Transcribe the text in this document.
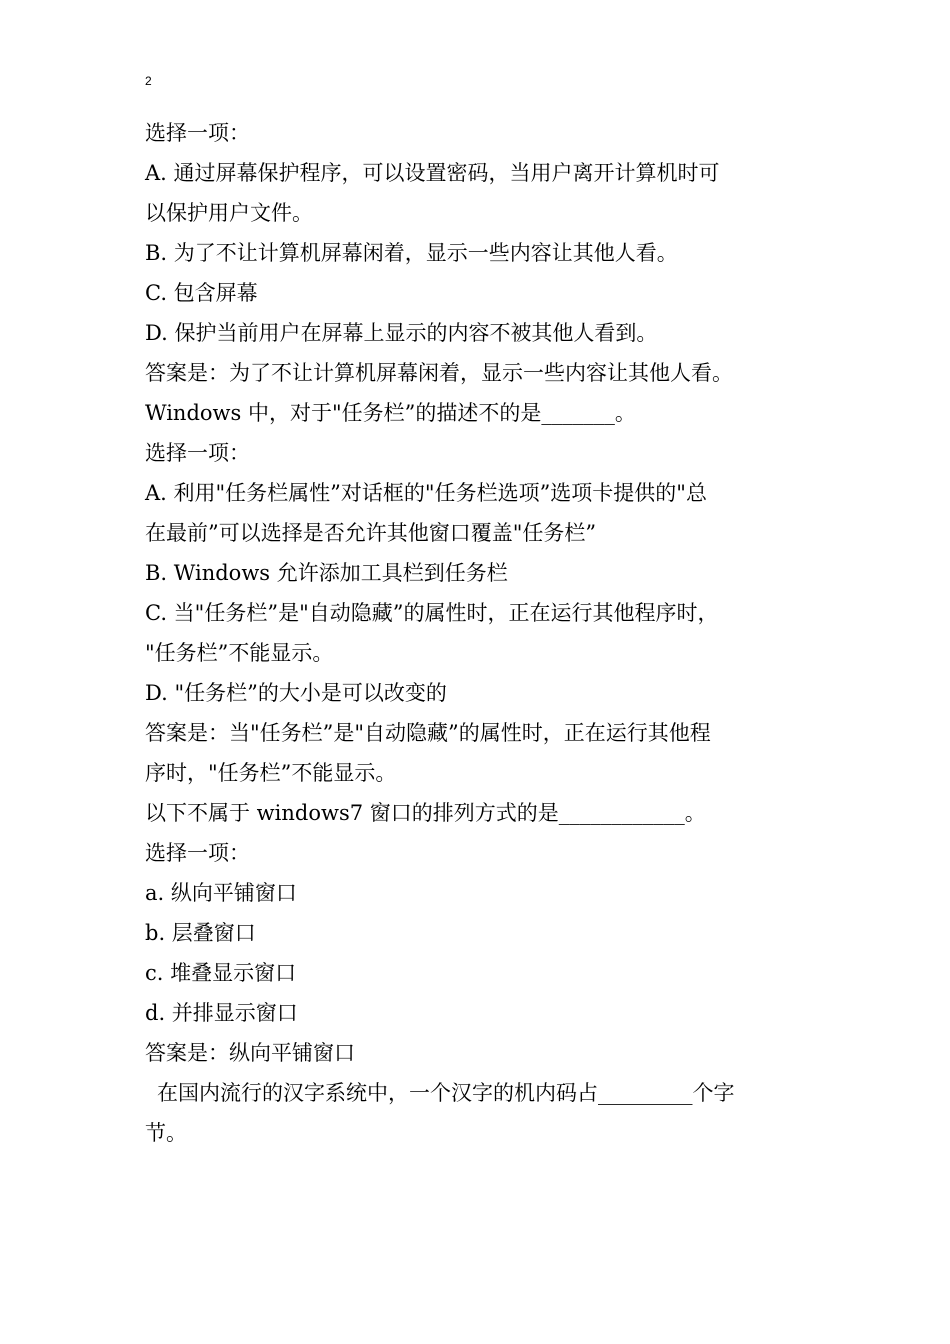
2
选择一项：
A. 通过屏幕保护程序，可以设置密码，当用户离开计算机时可
以保护用户文件。
B. 为了不让计算机屏幕闲着，显示一些内容让其他人看。
C. 包含屏幕
D. 保护当前用户在屏幕上显示的内容不被其他人看到。
答案是：为了不让计算机屏幕闲着，显示一些内容让其他人看。
Windows 中，对于"任务栏”的描述不的是_______。
选择一项：
A. 利用"任务栏属性”对话框的"任务栏选项”选项卡提供的"总
在最前”可以选择是否允许其他窗口覆盖"任务栏”
B. Windows 允许添加工具栏到任务栏
C. 当"任务栏”是"自动隐藏”的属性时，正在运行其他程序时，
"任务栏”不能显示。
D. "任务栏”的大小是可以改变的
答案是：当"任务栏”是"自动隐藏”的属性时，正在运行其他程
序时，"任务栏”不能显示。
以下不属于 windows7 窗口的排列方式的是____________。
选择一项：
a. 纵向平铺窗口
b. 层叠窗口
c. 堆叠显示窗口
d. 并排显示窗口
答案是：纵向平铺窗口
在国内流行的汉字系统中，一个汉字的机内码占_________个字
节。
